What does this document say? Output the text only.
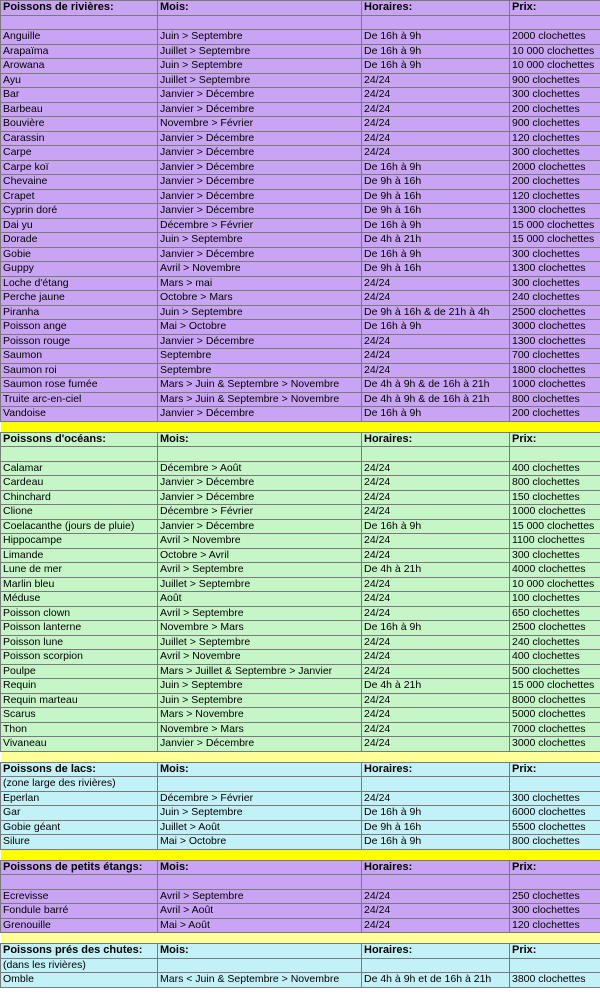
Poissons de rivières:	Mois:	Horaires:	Prix:

Anguille	Juin > Septembre	De 16h à 9h	2000 clochettes
Arapaïma	Juillet > Septembre	De 16h à 9h	10 000 clochettes
Arowana	Juin > Septembre	De 16h à 9h	10 000 clochettes
Ayu	Juillet > Septembre	24/24	900 clochettes
Bar	Janvier > Décembre	24/24	300 clochettes
Barbeau	Janvier > Décembre	24/24	200 clochettes
Bouvière	Novembre > Février	24/24	900 clochettes
Carassin	Janvier > Décembre	24/24	120 clochettes
Carpe	Janvier > Décembre	24/24	300 clochettes
Carpe koï	Janvier > Décembre	De 16h à 9h	2000 clochettes
Chevaine	Janvier > Décembre	De 9h à 16h	200 clochettes
Crapet	Janvier > Décembre	De 9h à 16h	120 clochettes
Cyprin doré	Janvier > Décembre	De 9h à 16h	1300 clochettes
Dai yu	Décembre > Février	De 16h à 9h	15 000 clochettes
Dorade	Juin > Septembre	De 4h à 21h	15 000 clochettes
Gobie	Janvier > Décembre	De 16h à 9h	300 clochettes
Guppy	Avril > Novembre	De 9h à 16h	1300 clochettes
Loche d'étang	Mars > mai	24/24	300 clochettes
Perche jaune	Octobre > Mars	24/24	240 clochettes
Piranha	Juin > Septembre	De 9h à 16h & de 21h à 4h	2500 clochettes
Poisson ange	Mai > Octobre	De 16h à 9h	3000 clochettes
Poisson rouge	Janvier > Décembre	24/24	1300 clochettes
Saumon	Septembre	24/24	700 clochettes
Saumon roi	Septembre	24/24	1800 clochettes
Saumon rose fumée	Mars > Juin & Septembre > Novembre	De 4h à 9h & de 16h à 21h	1000 clochettes
Truite arc-en-ciel	Mars > Juin & Septembre > Novembre	De 4h à 9h & de 16h à 21h	800 clochettes
Vandoise	Janvier > Décembre	De 16h à 9h	200 clochettes

Poissons d'océans:	Mois:	Horaires:	Prix:

Calamar	Décembre > Août	24/24	400 clochettes
Cardeau	Janvier > Décembre	24/24	800 clochettes
Chinchard	Janvier > Décembre	24/24	150 clochettes
Clione	Décembre > Février	24/24	1000 clochettes
Coelacanthe (jours de pluie)	Janvier > Décembre	De 16h à 9h	15 000 clochettes
Hippocampe	Avril > Novembre	24/24	1100 clochettes
Limande	Octobre > Avril	24/24	300 clochettes
Lune de mer	Avril > Septembre	De 4h à 21h	4000 clochettes
Marlin bleu	Juillet > Septembre	24/24	10 000 clochettes
Méduse	Août	24/24	100 clochettes
Poisson clown	Avril > Septembre	24/24	650 clochettes
Poisson lanterne	Novembre > Mars	De 16h à 9h	2500 clochettes
Poisson lune	Juillet > Septembre	24/24	240 clochettes
Poisson scorpion	Avril > Novembre	24/24	400 clochettes
Poulpe	Mars > Juillet & Septembre > Janvier	24/24	500 clochettes
Requin	Juin > Septembre	De 4h à 21h	15 000 clochettes
Requin marteau	Juin > Septembre	24/24	8000 clochettes
Scarus	Mars > Novembre	24/24	5000 clochettes
Thon	Novembre > Mars	24/24	7000 clochettes
Vivaneau	Janvier > Décembre	24/24	3000 clochettes

Poissons de lacs:	Mois:	Horaires:	Prix:
(zone large des rivières)			
Eperlan	Décembre > Février	24/24	300 clochettes
Gar	Juin > Septembre	De 16h à 9h	6000 clochettes
Gobie géant	Juillet > Août	De 9h à 16h	5500 clochettes
Silure	Mai > Octobre	De 16h à 9h	800 clochettes

Poissons de petits étangs:	Mois:	Horaires:	Prix:

Ecrevisse	Avril > Septembre	24/24	250 clochettes
Fondule barré	Avril > Août	24/24	300 clochettes
Grenouille	Mai > Août	24/24	120 clochettes

Poissons prés des chutes:	Mois:	Horaires:	Prix:
(dans les rivières)			
Omble	Mars < Juin & Septembre > Novembre	De 4h à 9h et de 16h à 21h	3800 clochettes
